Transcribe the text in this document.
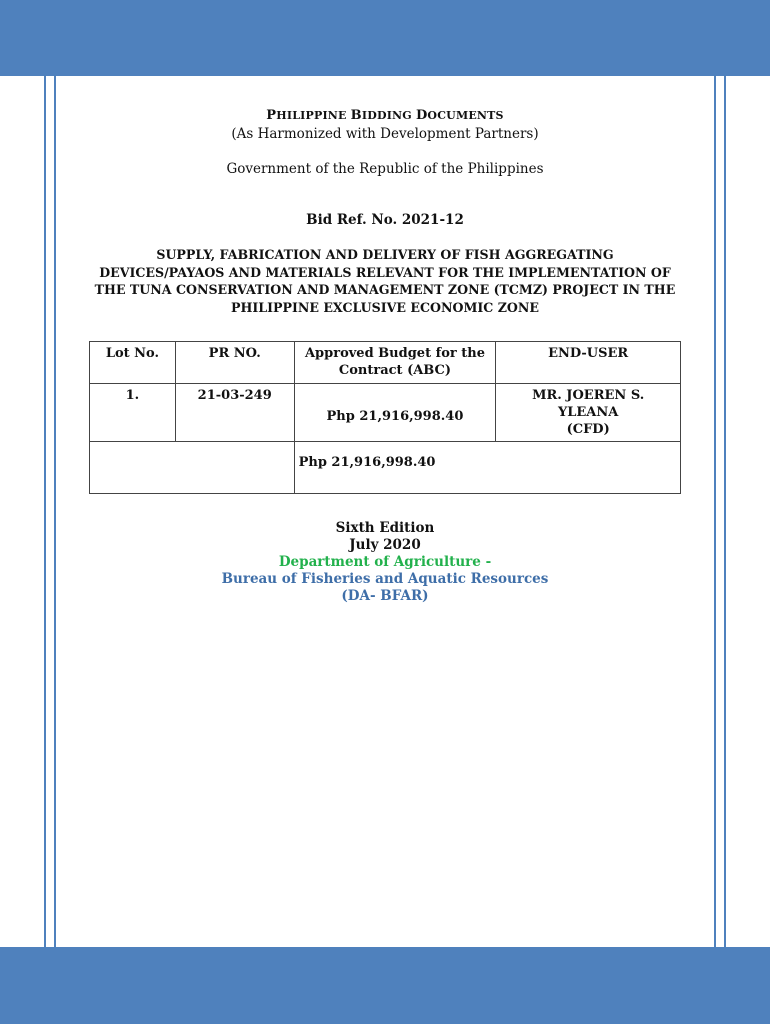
PHILIPPINE BIDDING DOCUMENTS
(As Harmonized with Development Partners)
Government of the Republic of the Philippines
Bid Ref. No. 2021-12
SUPPLY, FABRICATION AND DELIVERY OF FISH AGGREGATING DEVICES/PAYAOS AND MATERIALS RELEVANT FOR THE IMPLEMENTATION OF THE TUNA CONSERVATION AND MANAGEMENT ZONE (TCMZ) PROJECT IN THE PHILIPPINE EXCLUSIVE ECONOMIC ZONE
Lot No.	PR NO.	Approved Budget for the Contract (ABC)	END-USER
1.	21-03-249	Php 21,916,998.40	MR. JOEREN S. YLEANA
(CFD)

		Php 21,916,998.40	
Sixth Edition
July 2020
Department of Agriculture -
Bureau of Fisheries and Aquatic Resources
(DA- BFAR)
